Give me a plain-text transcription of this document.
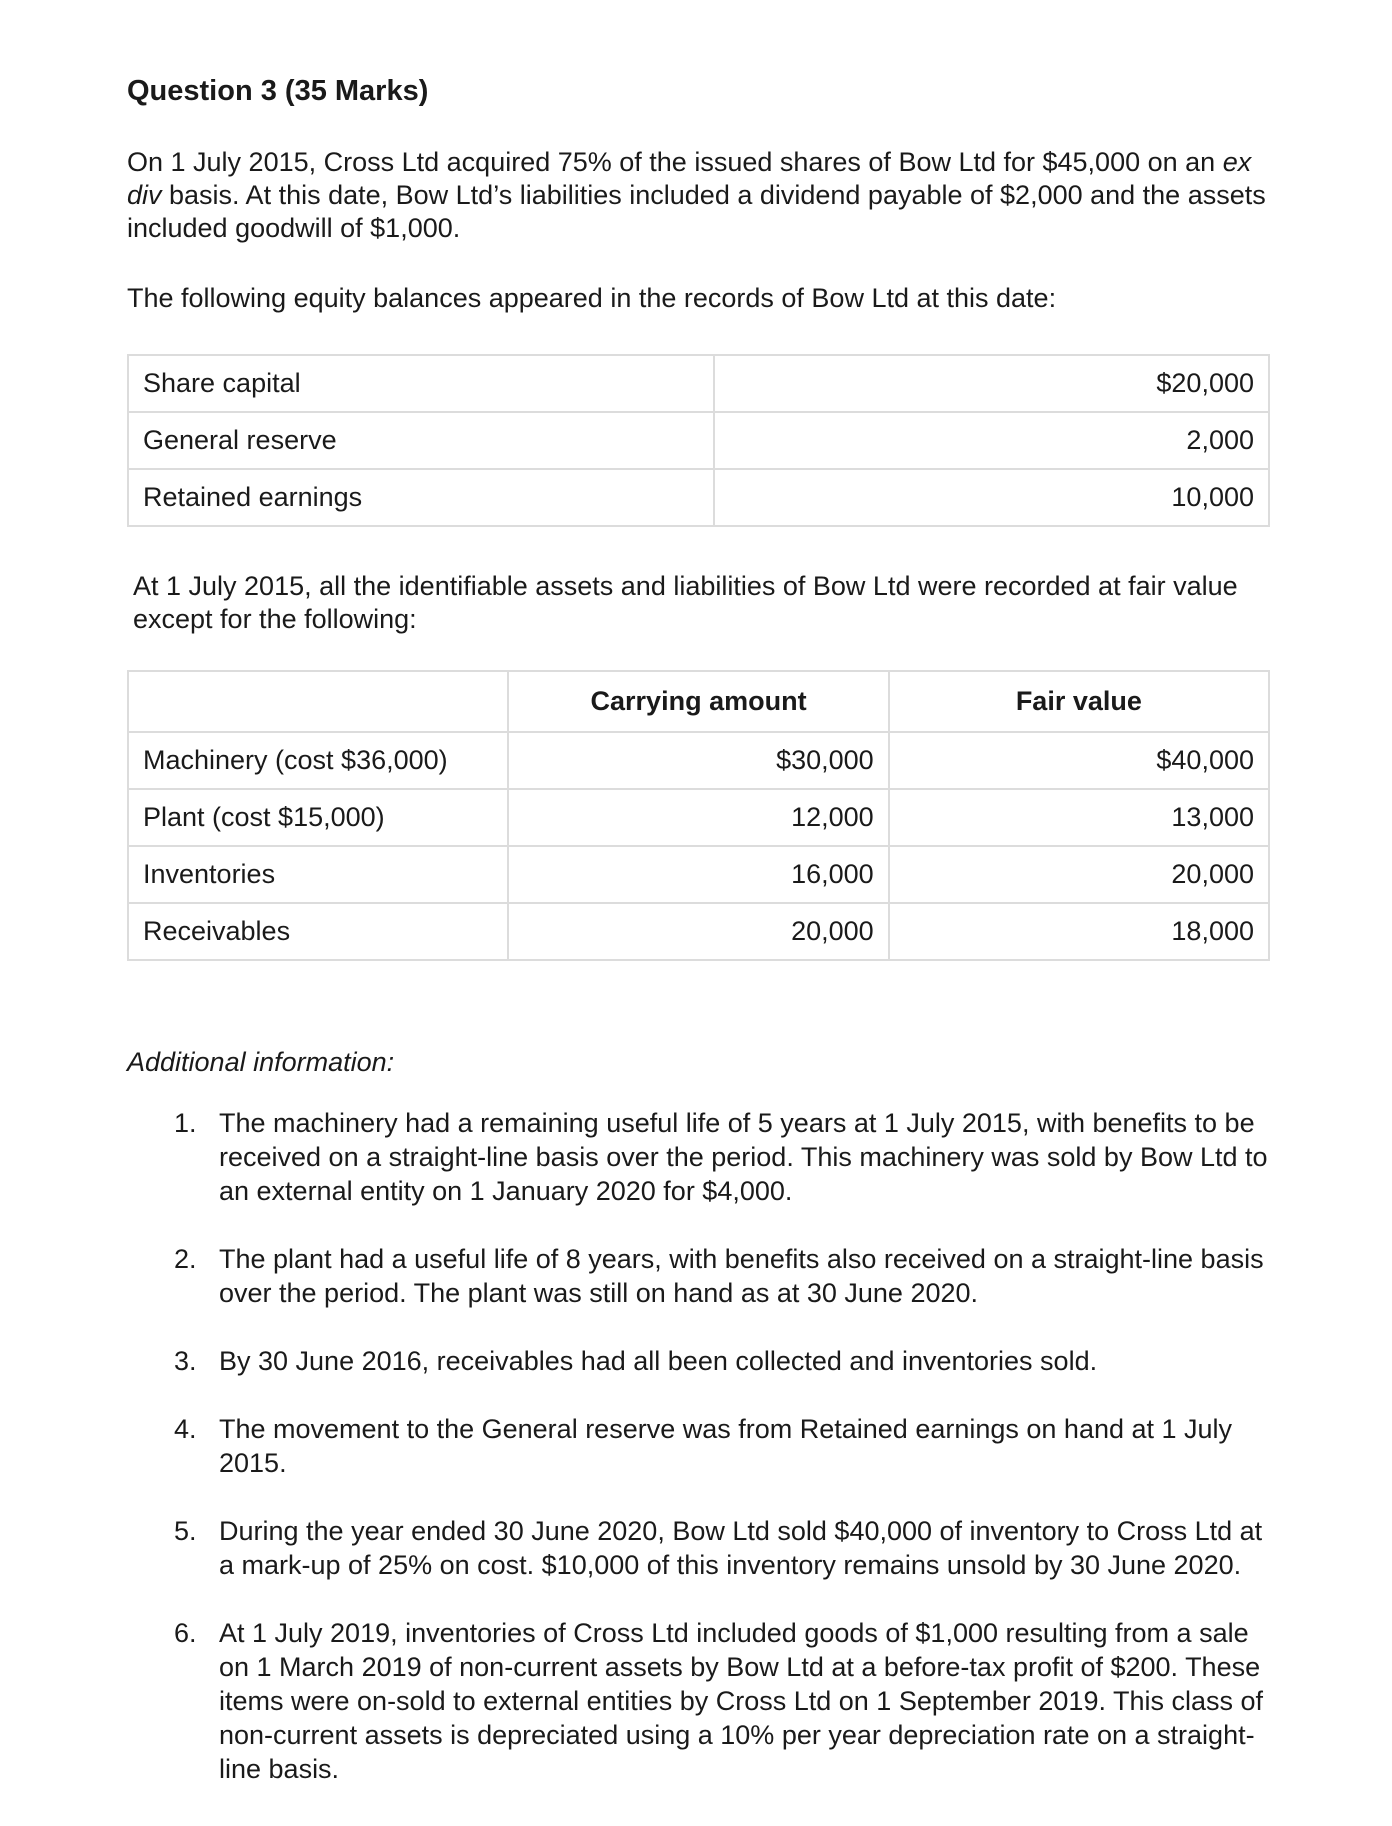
Question 3 (35 Marks)

On 1 July 2015, Cross Ltd acquired 75% of the issued shares of Bow Ltd for $45,000 on an ex div basis. At this date, Bow Ltd’s liabilities included a dividend payable of $2,000 and the assets included goodwill of $1,000.

The following equity balances appeared in the records of Bow Ltd at this date:

Share capital	$20,000
General reserve	2,000
Retained earnings	10,000

At 1 July 2015, all the identifiable assets and liabilities of Bow Ltd were recorded at fair value except for the following:

	Carrying amount	Fair value
Machinery (cost $36,000)	$30,000	$40,000
Plant (cost $15,000)	12,000	13,000
Inventories	16,000	20,000
Receivables	20,000	18,000

Additional information:

1. The machinery had a remaining useful life of 5 years at 1 July 2015, with benefits to be received on a straight-line basis over the period. This machinery was sold by Bow Ltd to an external entity on 1 January 2020 for $4,000.
2. The plant had a useful life of 8 years, with benefits also received on a straight-line basis over the period. The plant was still on hand as at 30 June 2020.
3. By 30 June 2016, receivables had all been collected and inventories sold.
4. The movement to the General reserve was from Retained earnings on hand at 1 July 2015.
5. During the year ended 30 June 2020, Bow Ltd sold $40,000 of inventory to Cross Ltd at a mark-up of 25% on cost. $10,000 of this inventory remains unsold by 30 June 2020.
6. At 1 July 2019, inventories of Cross Ltd included goods of $1,000 resulting from a sale on 1 March 2019 of non-current assets by Bow Ltd at a before-tax profit of $200. These items were on-sold to external entities by Cross Ltd on 1 September 2019. This class of non-current assets is depreciated using a 10% per year depreciation rate on a straight-line basis.
